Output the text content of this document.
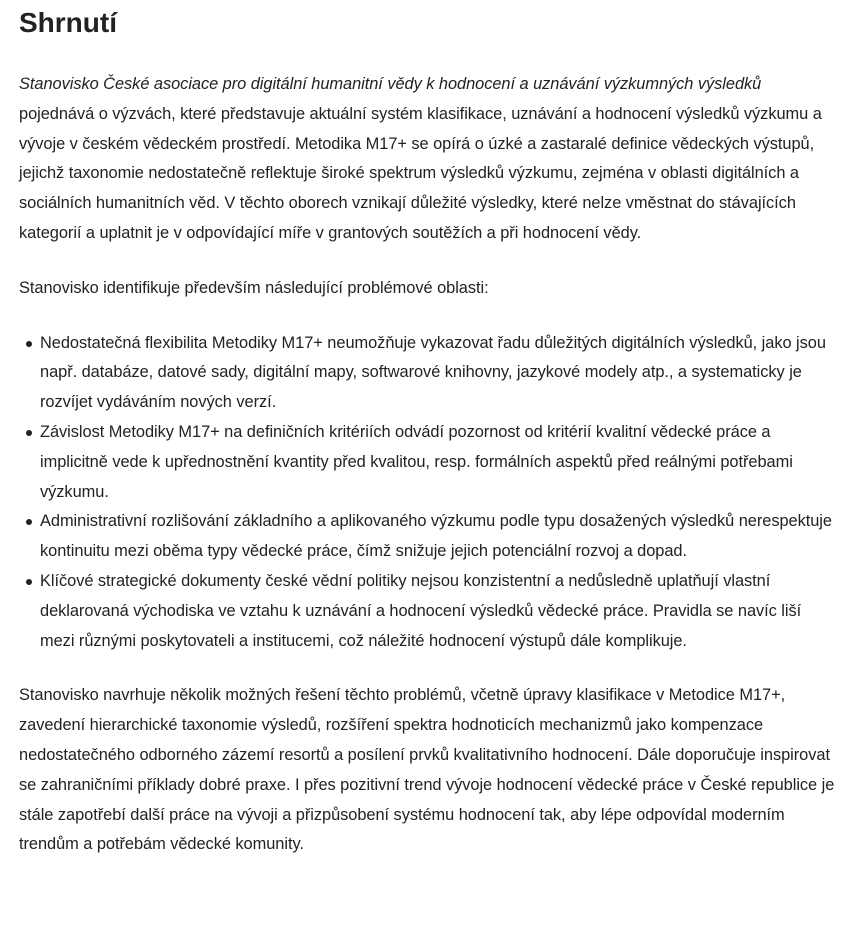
Shrnutí

Stanovisko České asociace pro digitální humanitní vědy k hodnocení a uznávání výzkumných výsledků pojednává o výzvách, které představuje aktuální systém klasifikace, uznávání a hodnocení výsledků výzkumu a vývoje v českém vědeckém prostředí. Metodika M17+ se opírá o úzké a zastaralé definice vědeckých výstupů, jejichž taxonomie nedostatečně reflektuje široké spektrum výsledků výzkumu, zejména v oblasti digitálních a sociálních humanitních věd. V těchto oborech vznikají důležité výsledky, které nelze vměstnat do stávajících kategorií a uplatnit je v odpovídající míře v grantových soutěžích a při hodnocení vědy.

Stanovisko identifikuje především následující problémové oblasti:

Nedostatečná flexibilita Metodiky M17+ neumožňuje vykazovat řadu důležitých digitálních výsledků, jako jsou např. databáze, datové sady, digitální mapy, softwarové knihovny, jazykové modely atp., a systematicky je rozvíjet vydáváním nových verzí.
Závislost Metodiky M17+ na definičních kritériích odvádí pozornost od kritérií kvalitní vědecké práce a implicitně vede k upřednostnění kvantity před kvalitou, resp. formálních aspektů před reálnými potřebami výzkumu.
Administrativní rozlišování základního a aplikovaného výzkumu podle typu dosažených výsledků nerespektuje kontinuitu mezi oběma typy vědecké práce, čímž snižuje jejich potenciální rozvoj a dopad.
Klíčové strategické dokumenty české vědní politiky nejsou konzistentní a nedůsledně uplatňují vlastní deklarovaná východiska ve vztahu k uznávání a hodnocení výsledků vědecké práce. Pravidla se navíc liší mezi různými poskytovateli a institucemi, což náležité hodnocení výstupů dále komplikuje.

Stanovisko navrhuje několik možných řešení těchto problémů, včetně úpravy klasifikace v Metodice M17+, zavedení hierarchické taxonomie výsledů, rozšíření spektra hodnoticích mechanizmů jako kompenzace nedostatečného odborného zázemí resortů a posílení prvků kvalitativního hodnocení. Dále doporučuje inspirovat se zahraničními příklady dobré praxe. I přes pozitivní trend vývoje hodnocení vědecké práce v České republice je stále zapotřebí další práce na vývoji a přizpůsobení systému hodnocení tak, aby lépe odpovídal moderním trendům a potřebám vědecké komunity.
